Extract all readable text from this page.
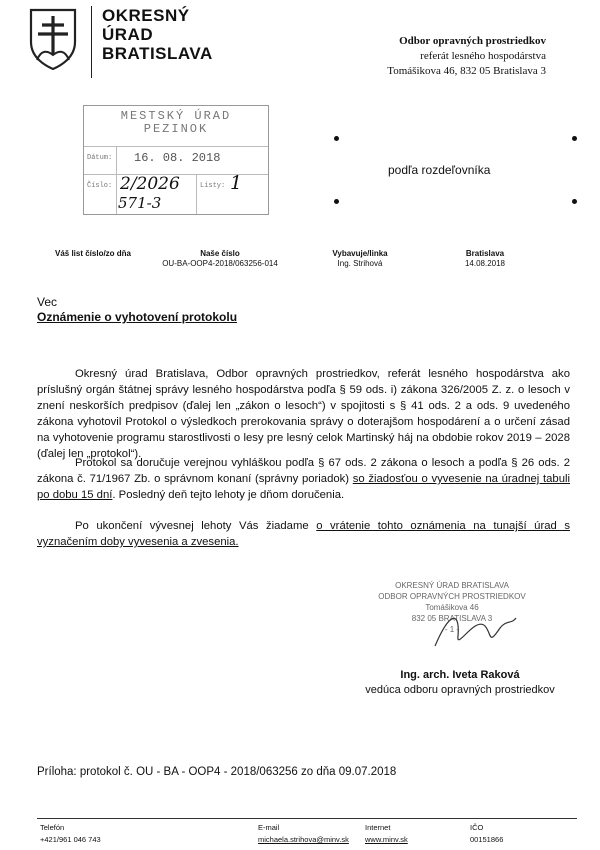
OKRESNÝ
ÚRAD
BRATISLAVA
Odbor opravných prostriedkov
referát lesného hospodárstva
Tomášikova 46, 832 05 Bratislava 3
MESTSKÝ ÚRAD PEZINOK
Dátum: 16. 08. 2018
Číslo: 2/2026	Listy: 1
571-3
podľa rozdeľovníka
Váš list číslo/zo dňa	Naše číslo
OU-BA-OOP4-2018/063256-014
Vybavuje/linka
Ing. Strihová
Bratislava
14.08.2018
Vec
Oznámenie o vyhotovení protokolu
Okresný úrad Bratislava, Odbor opravných prostriedkov, referát lesného hospodárstva ako príslušný orgán štátnej správy lesného hospodárstva podľa § 59 ods. i) zákona 326/2005 Z. z. o lesoch v znení neskorších predpisov (ďalej len „zákon o lesoch“) v spojitosti s § 41 ods. 2 a ods. 9 uvedeného zákona vyhotovil Protokol o výsledkoch prerokovania správy o doterajšom hospodárení a o určení zásad na vyhotovenie programu starostlivosti o lesy pre lesný celok Martinský háj na obdobie rokov 2019 – 2028 (ďalej len „protokol“).
Protokol sa doručuje verejnou vyhláškou podľa § 67 ods. 2 zákona o lesoch a podľa § 26 ods. 2 zákona č. 71/1967 Zb. o správnom konaní (správny poriadok) so žiadosťou o vyvesenie na úradnej tabuli po dobu 15 dní. Posledný deň tejto lehoty je dňom doručenia.
Po ukončení vývesnej lehoty Vás žiadame o vrátenie tohto oznámenia na tunajší úrad s vyznačením doby vyvesenia a zvesenia.
OKRESNÝ ÚRAD BRATISLAVA
ODBOR OPRAVNÝCH PROSTRIEDKOV
Tomášikova 46
832 05 BRATISLAVA 3
- 1 -
Ing. arch. Iveta Raková
vedúca odboru opravných prostriedkov
Príloha: protokol č. OU - BA - OOP4 - 2018/063256 zo dňa 09.07.2018
Telefón
+421/961 046 743
E-mail
michaela.strihova@minv.sk
Internet
www.minv.sk
IČO
00151866
